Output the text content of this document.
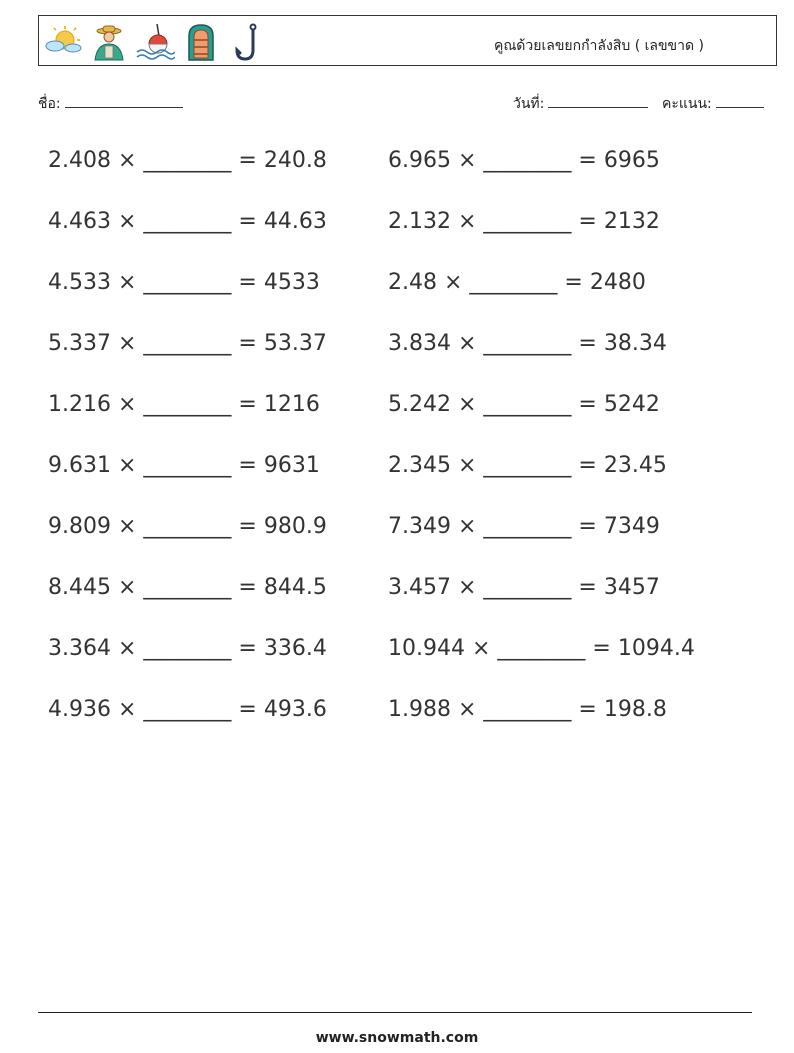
คูณด้วยเลขยกกำลังสิบ ( เลขขาด )
ชื่อ:	วันที่:	คะแนน:
2.408 × ________ = 240.8
4.463 × ________ = 44.63
4.533 × ________ = 4533
5.337 × ________ = 53.37
1.216 × ________ = 1216
9.631 × ________ = 9631
9.809 × ________ = 980.9
8.445 × ________ = 844.5
3.364 × ________ = 336.4
4.936 × ________ = 493.6
6.965 × ________ = 6965
2.132 × ________ = 2132
2.48 × ________ = 2480
3.834 × ________ = 38.34
5.242 × ________ = 5242
2.345 × ________ = 23.45
7.349 × ________ = 7349
3.457 × ________ = 3457
10.944 × ________ = 1094.4
1.988 × ________ = 198.8
www.snowmath.com
